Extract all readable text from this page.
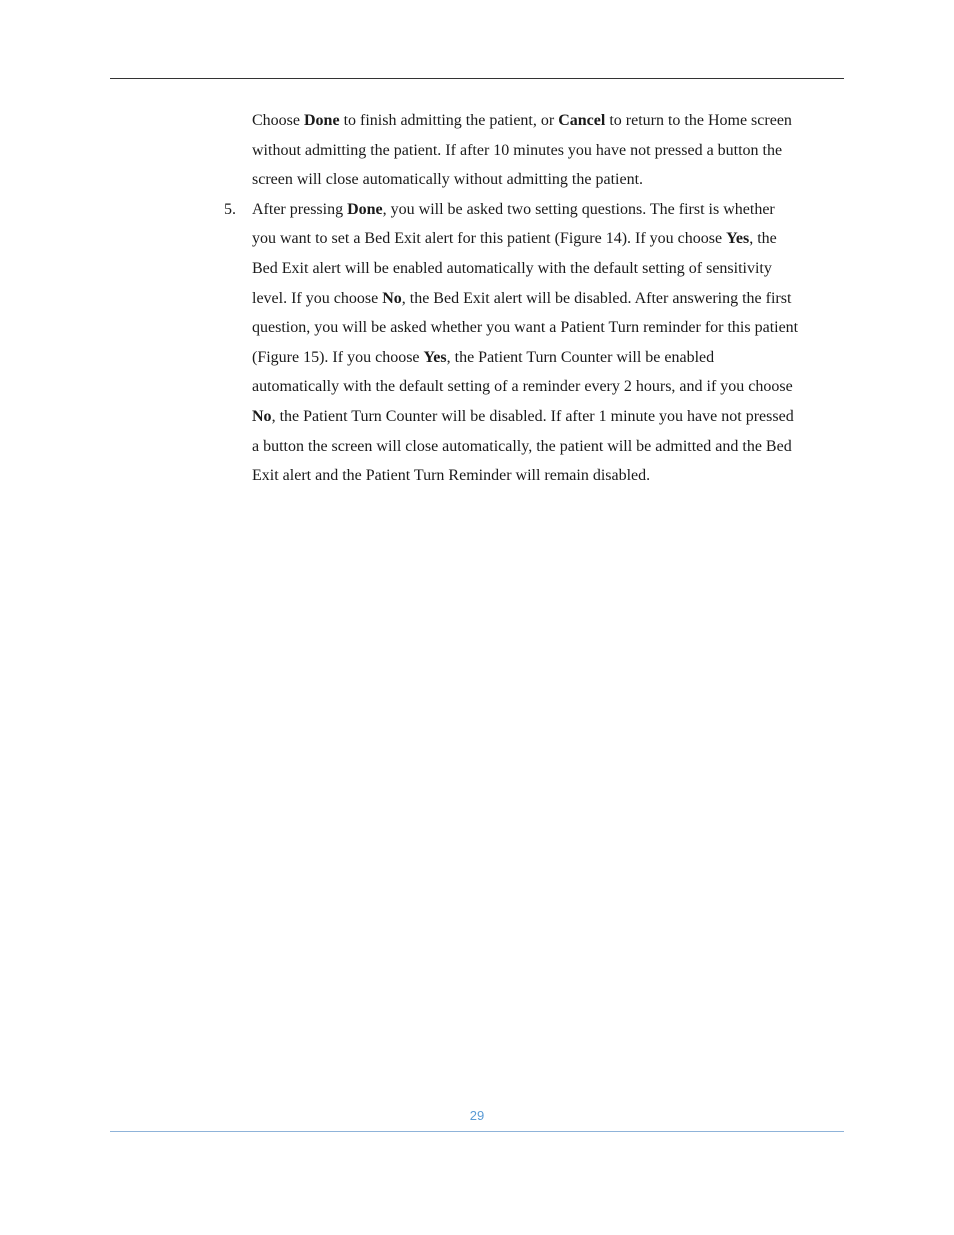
Choose Done to finish admitting the patient, or Cancel to return to the Home screen
without admitting the patient. If after 10 minutes you have not pressed a button the
screen will close automatically without admitting the patient.

5. After pressing Done, you will be asked two setting questions. The first is whether
you want to set a Bed Exit alert for this patient (Figure 14). If you choose Yes, the
Bed Exit alert will be enabled automatically with the default setting of sensitivity
level. If you choose No, the Bed Exit alert will be disabled. After answering the first
question, you will be asked whether you want a Patient Turn reminder for this patient
(Figure 15). If you choose Yes, the Patient Turn Counter will be enabled
automatically with the default setting of a reminder every 2 hours, and if you choose
No, the Patient Turn Counter will be disabled. If after 1 minute you have not pressed
a button the screen will close automatically, the patient will be admitted and the Bed
Exit alert and the Patient Turn Reminder will remain disabled.

29
